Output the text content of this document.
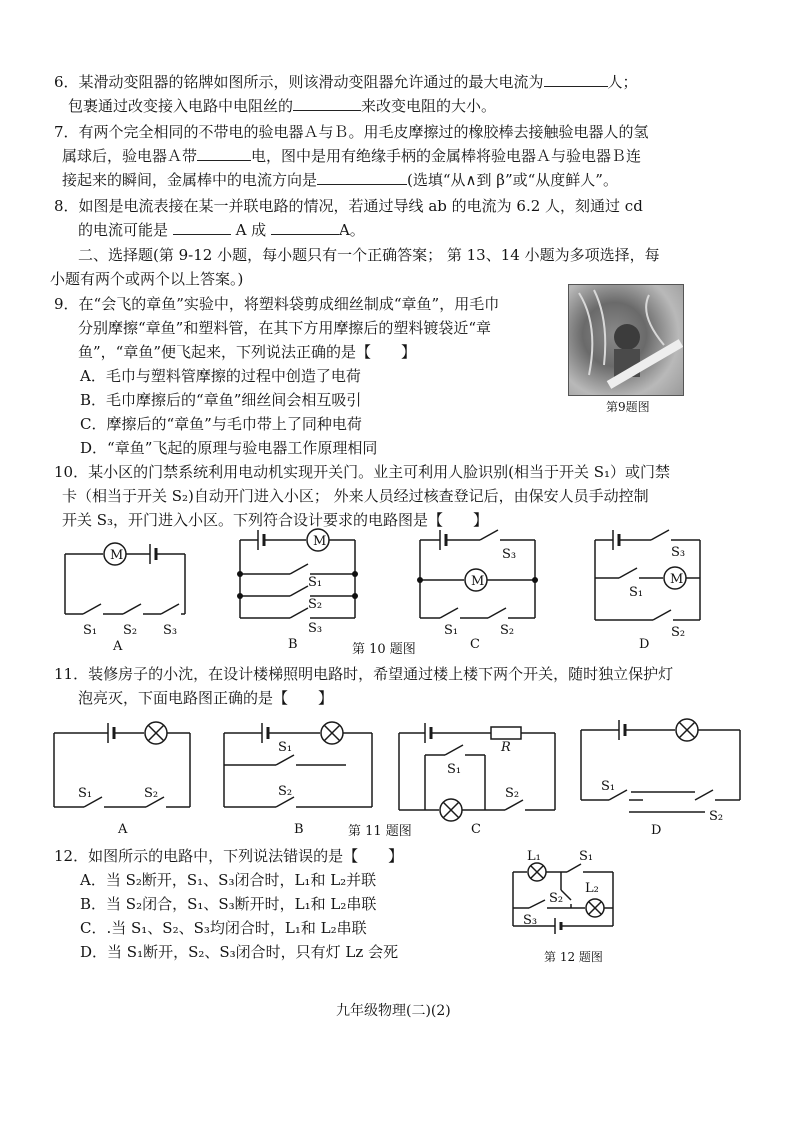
6．某滑动变阻器的铭牌如图所示，则该滑动变阻器允许通过的最大电流为	人；
包裹通过改变接入电路中电阻丝的	来改变电阻的大小。
7．有两个完全相同的不带电的验电器Ａ与Ｂ。用毛皮摩擦过的橡胶棒去接触验电器人的氢
属球后，验电器Ａ带	电，图中是用有绝缘手柄的金属棒将验电器Ａ与验电器Ｂ连
接起来的瞬间，金属棒中的电流方向是	(选填“从∧到 β”或“从度鲜人”。
8．如图是电流表接在某一并联电路的情况，若通过导线 ab 的电流为 6.2 人，刻通过 cd
的电流可能是	A 成	A。
二、选择题(第 9-12 小题，每小题只有一个正确答案； 第 13、14 小题为多项选择，每
小题有两个或两个以上答案。)
9．在“会飞的章鱼”实验中，将塑料袋剪成细丝制成“章鱼”，用毛巾
分别摩擦“章鱼”和塑料管，在其下方用摩擦后的塑料镀袋近“章
鱼”，“章鱼”便飞起来，下列说法正确的是【　　】
A．毛巾与塑料管摩擦的过程中创造了电荷
B．毛巾摩擦后的“章鱼”细丝间会相互吸引
C．摩擦后的“章鱼”与毛巾带上了同种电荷
D．“章鱼”飞起的原理与验电器工作原理相同
第9题图
10．某小区的门禁系统利用电动机实现开关门。业主可利用人脸识别(相当于开关 S₁）或门禁
卡（相当于开关 S₂)自动开门进入小区； 外来人员经过核查登记后，由保安人员手动控制
开关 S₃，开门进入小区。下列符合设计要求的电路图是【　　】
M
S₁ S₂ S₃
A
M
S₁
S₂
S₃
B
S₃
M
S₁	S₂
C
S₃
M
S₁
S₂
D
第 10 题图
11．装修房子的小沈，在设计楼梯照明电路时，希望通过楼上楼下两个开关，随时独立保护灯
泡亮灭，下面电路图正确的是【　　】
S₁	S₂
A
S₁
S₂
B
R
S₁
S₂
C
S₁
S₂
D
第 11 题图
12．如图所示的电路中，下列说法错误的是【　　】
A．当 S₂断开，S₁、S₃闭合时，L₁和 L₂并联
B．当 S₂闭合，S₁、S₃断开时，L₁和 L₂串联
C．.当 S₁、S₂、S₃均闭合时，L₁和 L₂串联
D．当 S₁断开，S₂、S₃闭合时，只有灯 Lz 会死
L₁	S₁
S₂
L₂
S₃
第 12 题图
九年级物理(二)(2)
